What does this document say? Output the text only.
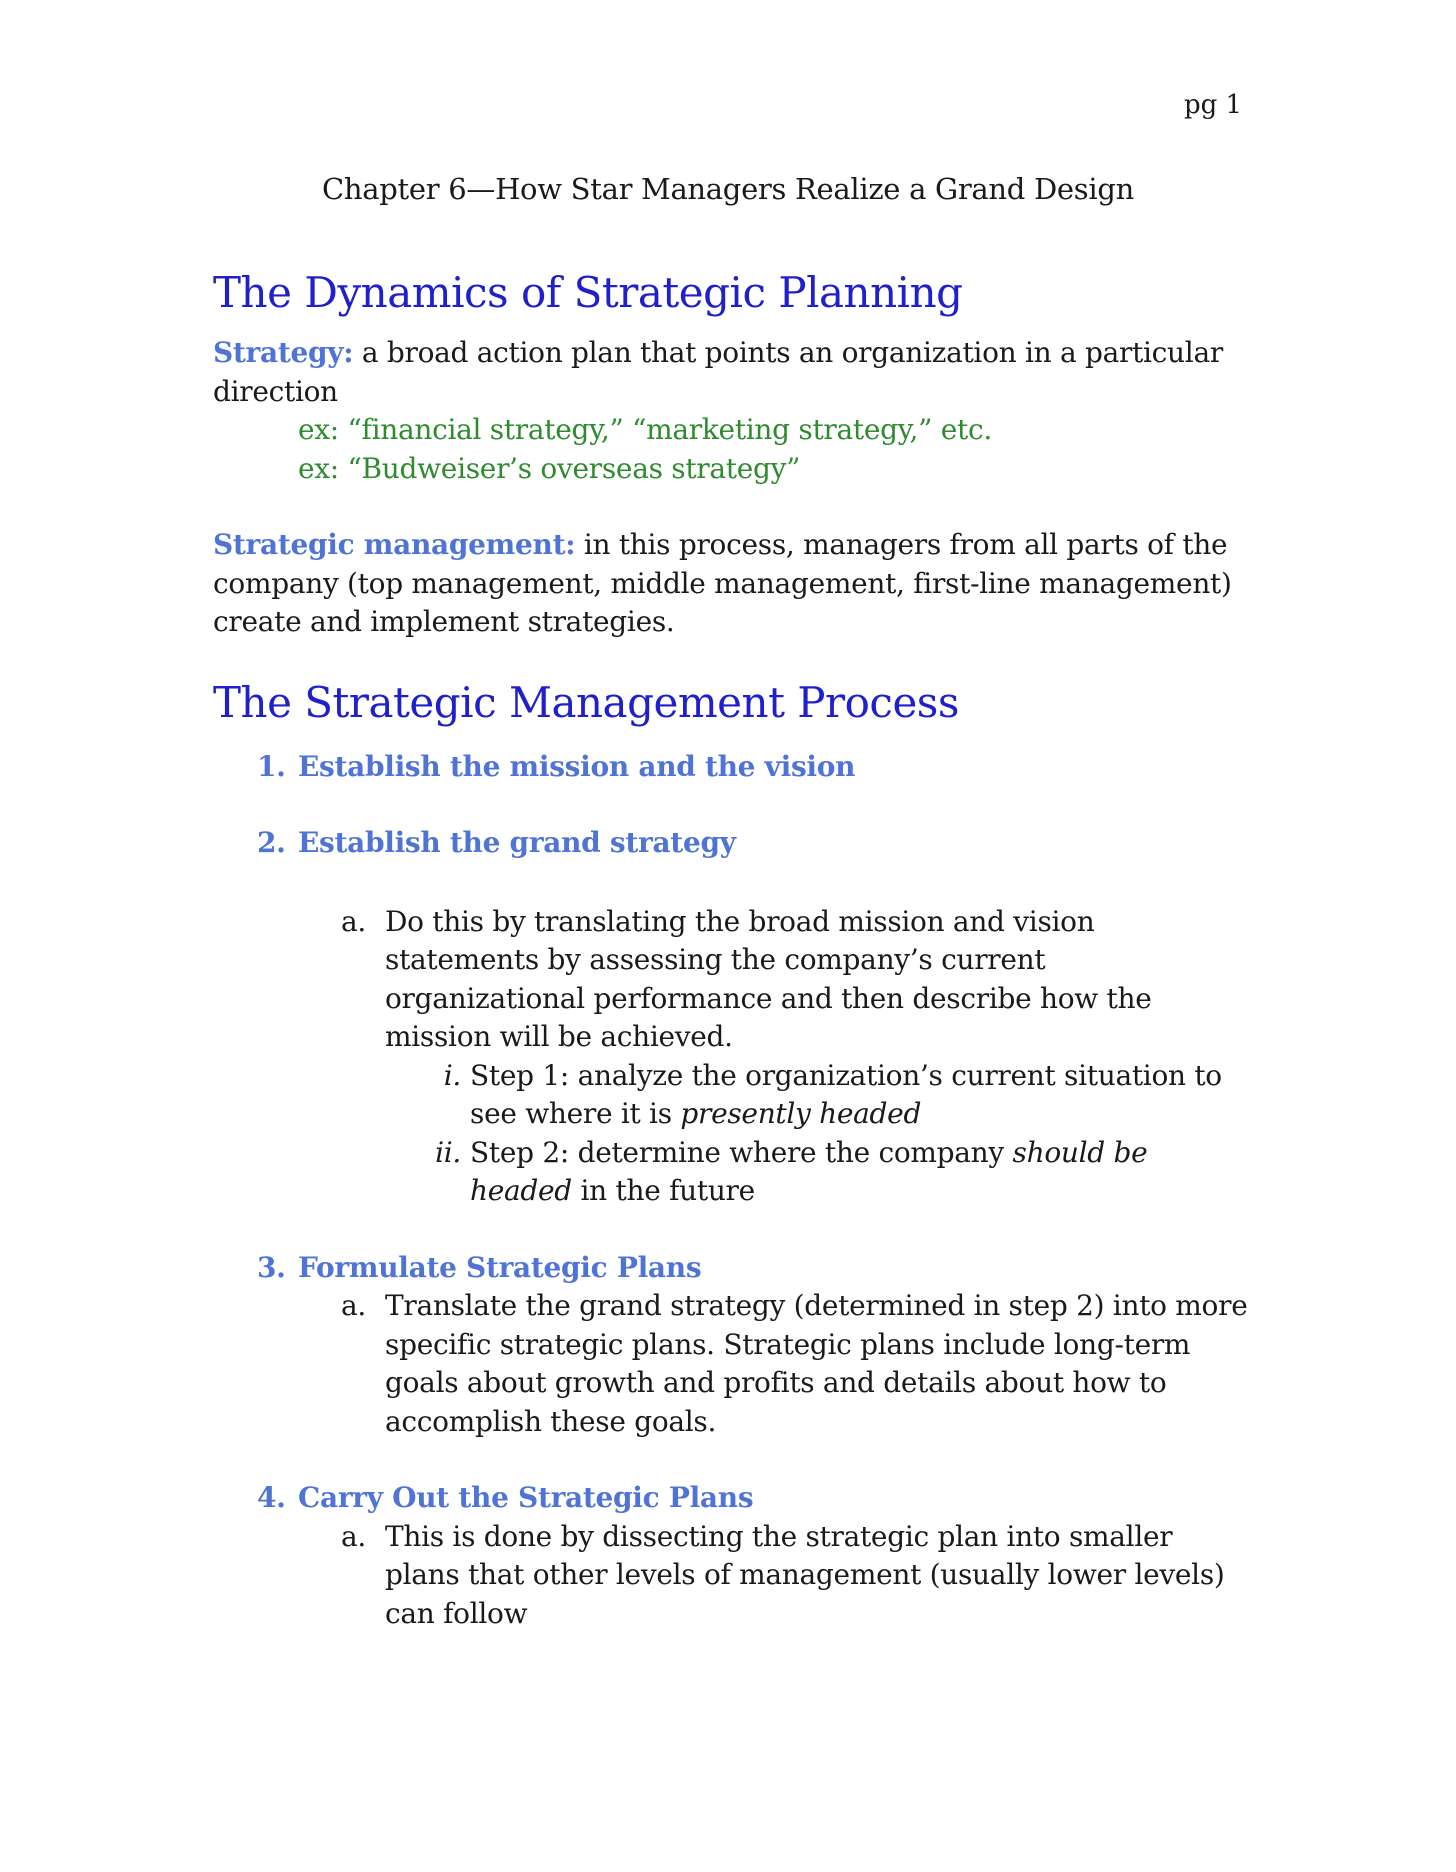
pg 1
Chapter 6—How Star Managers Realize a Grand Design
The Dynamics of Strategic Planning
Strategy: a broad action plan that points an organization in a particular direction
ex: “financial strategy,” “marketing strategy,” etc.
ex: “Budweiser’s overseas strategy”
Strategic management: in this process, managers from all parts of the company (top management, middle management, first-line management) create and implement strategies.
The Strategic Management Process
1. Establish the mission and the vision
2. Establish the grand strategy
a. Do this by translating the broad mission and vision statements by assessing the company’s current organizational performance and then describe how the mission will be achieved.
i. Step 1: analyze the organization’s current situation to see where it is presently headed
ii. Step 2: determine where the company should be headed in the future
3. Formulate Strategic Plans
a. Translate the grand strategy (determined in step 2) into more specific strategic plans. Strategic plans include long-term goals about growth and profits and details about how to accomplish these goals.
4. Carry Out the Strategic Plans
a. This is done by dissecting the strategic plan into smaller plans that other levels of management (usually lower levels) can follow
